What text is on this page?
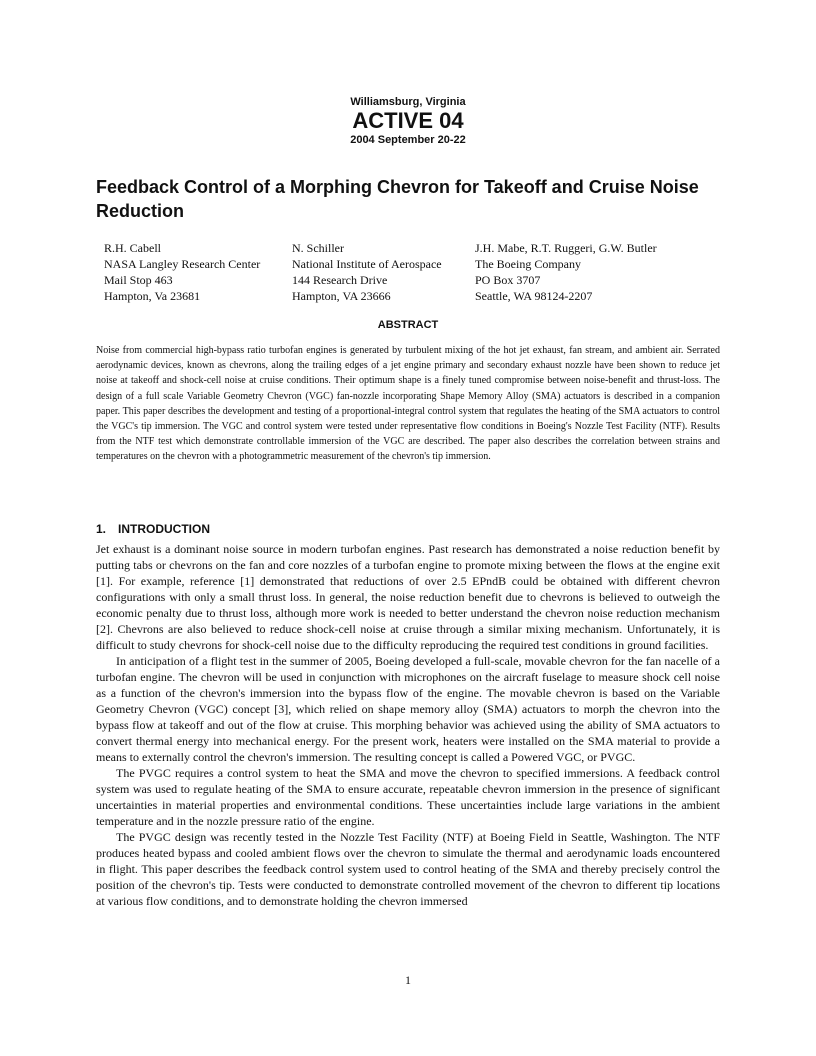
Williamsburg, Virginia
ACTIVE 04
2004 September 20-22
Feedback Control of a Morphing Chevron for Takeoff and Cruise Noise Reduction
R.H. Cabell
NASA Langley Research Center
Mail Stop 463
Hampton, Va 23681
N. Schiller
National Institute of Aerospace
144 Research Drive
Hampton, VA 23666
J.H. Mabe, R.T. Ruggeri, G.W. Butler
The Boeing Company
PO Box 3707
Seattle, WA 98124-2207
ABSTRACT

Noise from commercial high-bypass ratio turbofan engines is generated by turbulent mixing of the hot jet exhaust, fan stream, and ambient air. Serrated aerodynamic devices, known as chevrons, along the trailing edges of a jet engine primary and secondary exhaust nozzle have been shown to reduce jet noise at takeoff and shock-cell noise at cruise conditions. Their optimum shape is a finely tuned compromise between noise-benefit and thrust-loss. The design of a full scale Variable Geometry Chevron (VGC) fan-nozzle incorporating Shape Memory Alloy (SMA) actuators is described in a companion paper. This paper describes the development and testing of a proportional-integral control system that regulates the heating of the SMA actuators to control the VGC's tip immersion. The VGC and control system were tested under representative flow conditions in Boeing's Nozzle Test Facility (NTF). Results from the NTF test which demonstrate controllable immersion of the VGC are described. The paper also describes the correlation between strains and temperatures on the chevron with a photogrammetric measurement of the chevron's tip immersion.

1. INTRODUCTION

Jet exhaust is a dominant noise source in modern turbofan engines. Past research has demonstrated a noise reduction benefit by putting tabs or chevrons on the fan and core nozzles of a turbofan engine to promote mixing between the flows at the engine exit [1]. For example, reference [1] demonstrated that reductions of over 2.5 EPndB could be obtained with different chevron configurations with only a small thrust loss. In general, the noise reduction benefit due to chevrons is believed to outweigh the economic penalty due to thrust loss, although more work is needed to better understand the chevron noise reduction mechanism [2]. Chevrons are also believed to reduce shock-cell noise at cruise through a similar mixing mechanism. Unfortunately, it is difficult to study chevrons for shock-cell noise due to the difficulty reproducing the required test conditions in ground facilities.

In anticipation of a flight test in the summer of 2005, Boeing developed a full-scale, movable chevron for the fan nacelle of a turbofan engine. The chevron will be used in conjunction with microphones on the aircraft fuselage to measure shock cell noise as a function of the chevron's immersion into the bypass flow of the engine. The movable chevron is based on the Variable Geometry Chevron (VGC) concept [3], which relied on shape memory alloy (SMA) actuators to morph the chevron into the bypass flow at takeoff and out of the flow at cruise. This morphing behavior was achieved using the ability of SMA actuators to convert thermal energy into mechanical energy. For the present work, heaters were installed on the SMA material to provide a means to externally control the chevron's immersion. The resulting concept is called a Powered VGC, or PVGC.

The PVGC requires a control system to heat the SMA and move the chevron to specified immersions. A feedback control system was used to regulate heating of the SMA to ensure accurate, repeatable chevron immersion in the presence of significant uncertainties in material properties and environmental conditions. These uncertainties include large variations in the ambient temperature and in the nozzle pressure ratio of the engine.

The PVGC design was recently tested in the Nozzle Test Facility (NTF) at Boeing Field in Seattle, Washington. The NTF produces heated bypass and cooled ambient flows over the chevron to simulate the thermal and aerodynamic loads encountered in flight. This paper describes the feedback control system used to control heating of the SMA and thereby precisely control the position of the chevron's tip. Tests were conducted to demonstrate controlled movement of the chevron to different tip locations at various flow conditions, and to demonstrate holding the chevron immersed

1
